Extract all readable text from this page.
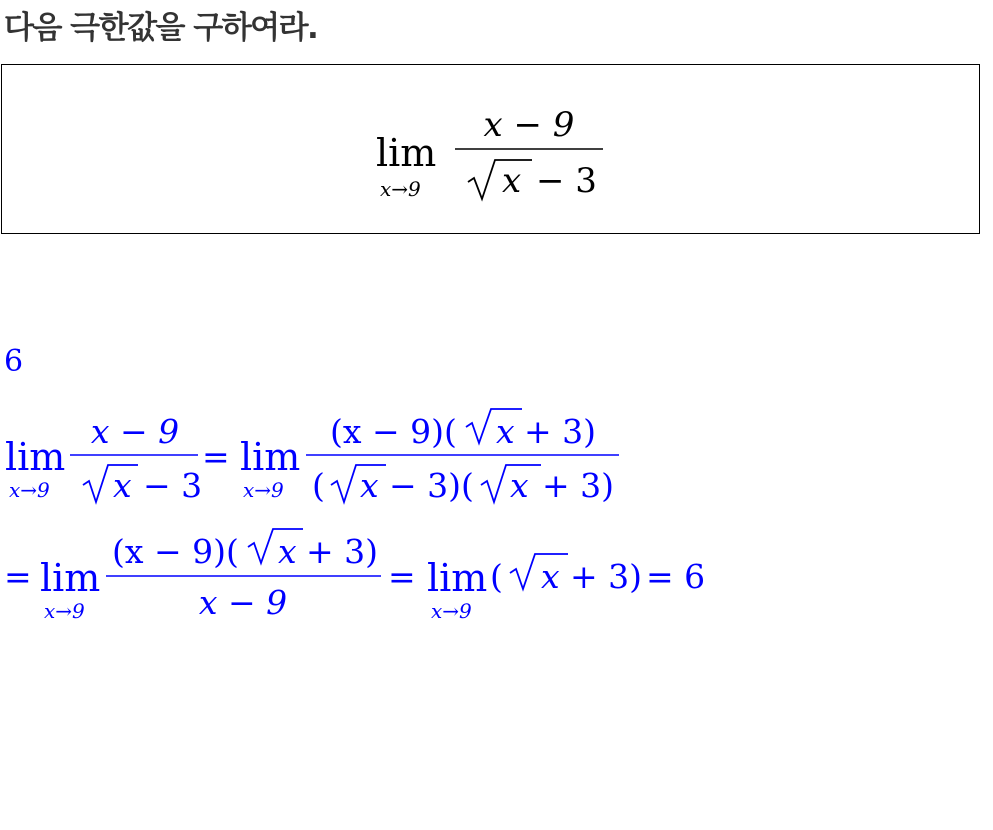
다음 극한값을 구하여라.
lim
x→9
x − 9
x − 3
6
lim
x→9
x − 9
x − 3
= lim
x→9
(x − 9)( x + 3)
( x − 3)( x + 3)
= lim
x→9
(x − 9)( x + 3)
x − 9
= lim
x→9
( x + 3) = 6
